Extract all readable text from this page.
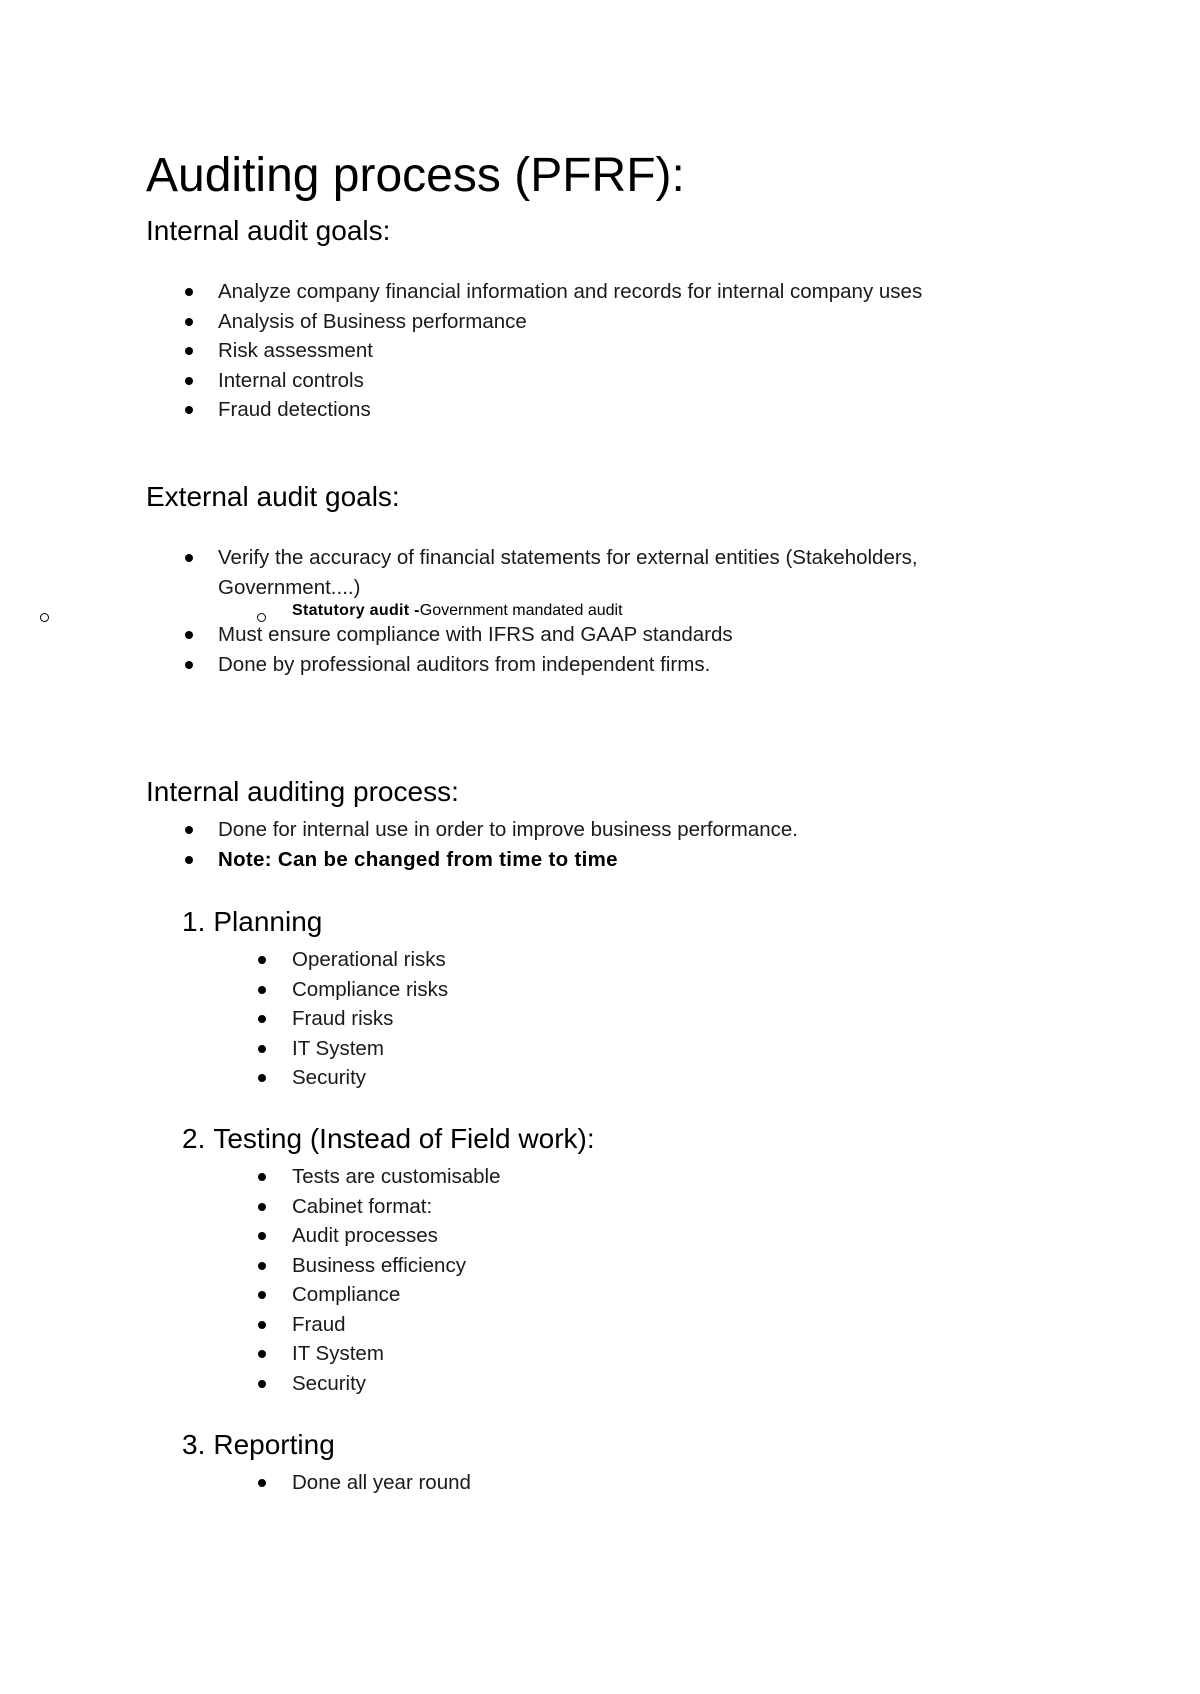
Auditing process (PFRF):
Internal audit goals:
Analyze company financial information and records for internal company uses
Analysis of Business performance
Risk assessment
Internal controls
Fraud detections
External audit goals:
Verify the accuracy of financial statements for external entities (Stakeholders, Government....)
Statutory audit -Government mandated audit
Must ensure compliance with IFRS and GAAP standards
Done by professional auditors from independent firms.
Internal auditing process:
Done for internal use in order to improve business performance.
Note: Can be changed from time to time
1. Planning
Operational risks
Compliance risks
Fraud risks
IT System
Security
2. Testing (Instead of Field work):
Tests are customisable
Cabinet format:
Audit processes
Business efficiency
Compliance
Fraud
IT System
Security
3. Reporting
Done all year round
